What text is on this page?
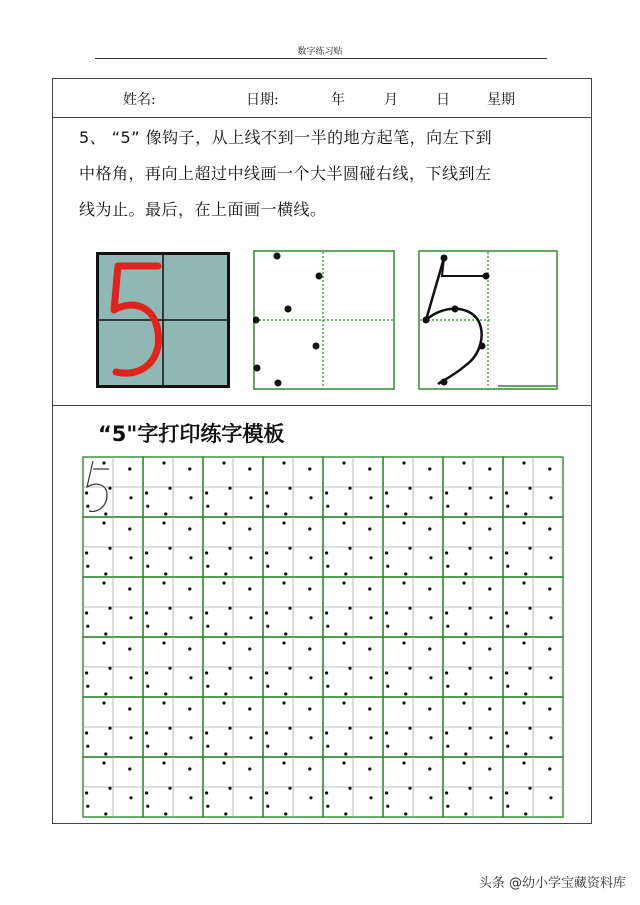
数字练习贴
姓名:	日期:	年	月	日	星期
5、 “5” 像钩子，从上线不到一半的地方起笔，向左下到
中格角，再向上超过中线画一个大半圆碰右线，下线到左
线为止。最后，在上面画一横线。
“5"字打印练字模板
头条 @幼小学宝藏资料库
